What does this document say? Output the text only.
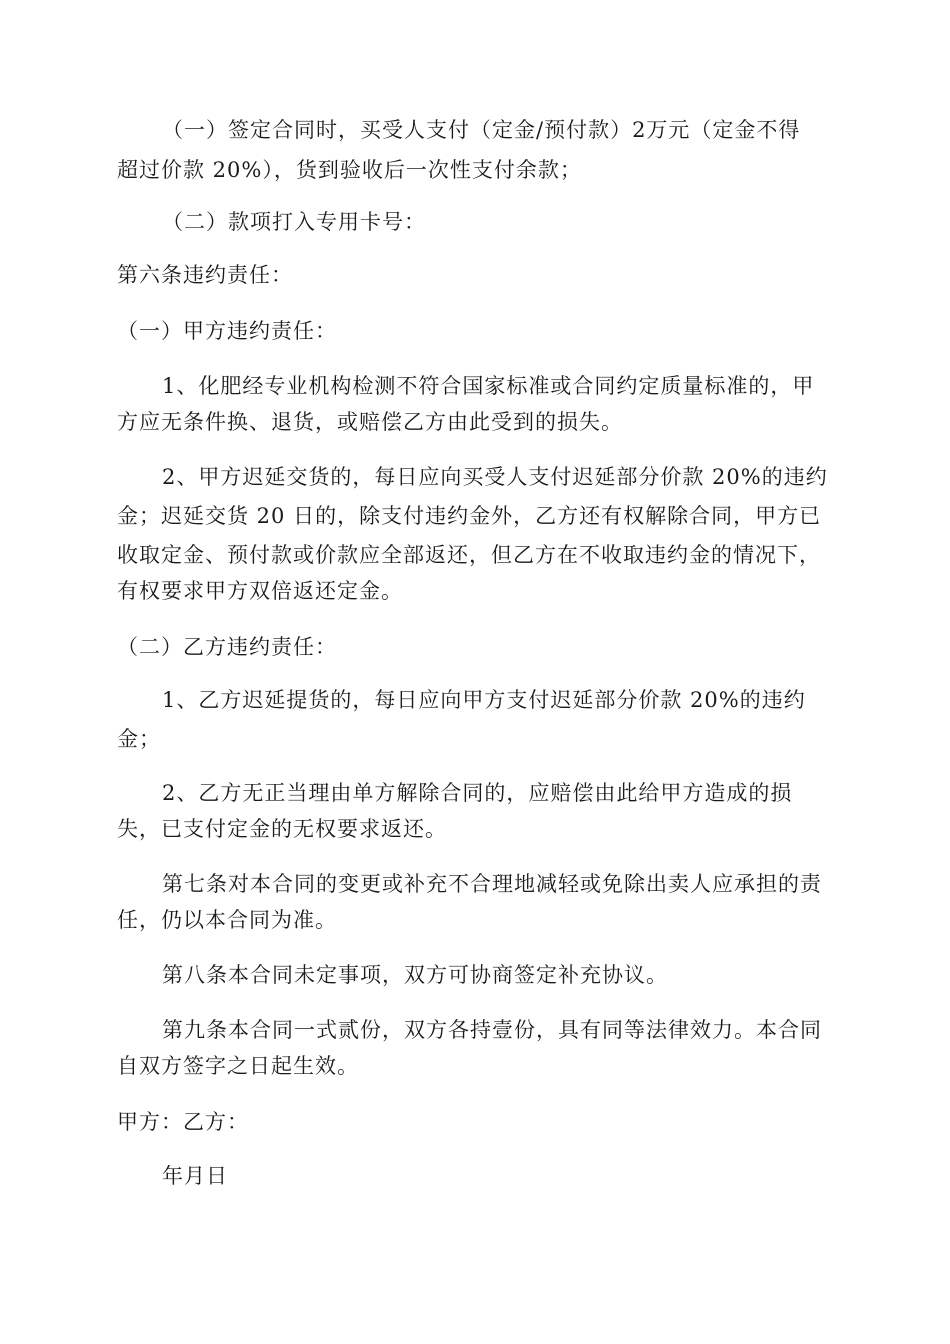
（一）签定合同时，买受人支付（定金/预付款）2万元（定金不得
超过价款 20%），货到验收后一次性支付余款；
（二）款项打入专用卡号：
第六条违约责任：
（一）甲方违约责任：
1、化肥经专业机构检测不符合国家标准或合同约定质量标准的，甲
方应无条件换、退货，或赔偿乙方由此受到的损失。
2、甲方迟延交货的，每日应向买受人支付迟延部分价款 20%的违约
金；迟延交货 20 日的，除支付违约金外，乙方还有权解除合同，甲方已
收取定金、预付款或价款应全部返还，但乙方在不收取违约金的情况下，
有权要求甲方双倍返还定金。
（二）乙方违约责任：
1、乙方迟延提货的，每日应向甲方支付迟延部分价款 20%的违约
金；
2、乙方无正当理由单方解除合同的，应赔偿由此给甲方造成的损
失，已支付定金的无权要求返还。
第七条对本合同的变更或补充不合理地减轻或免除出卖人应承担的责
任，仍以本合同为准。
第八条本合同未定事项，双方可协商签定补充协议。
第九条本合同一式贰份，双方各持壹份，具有同等法律效力。本合同
自双方签字之日起生效。
甲方：乙方：
年月日
